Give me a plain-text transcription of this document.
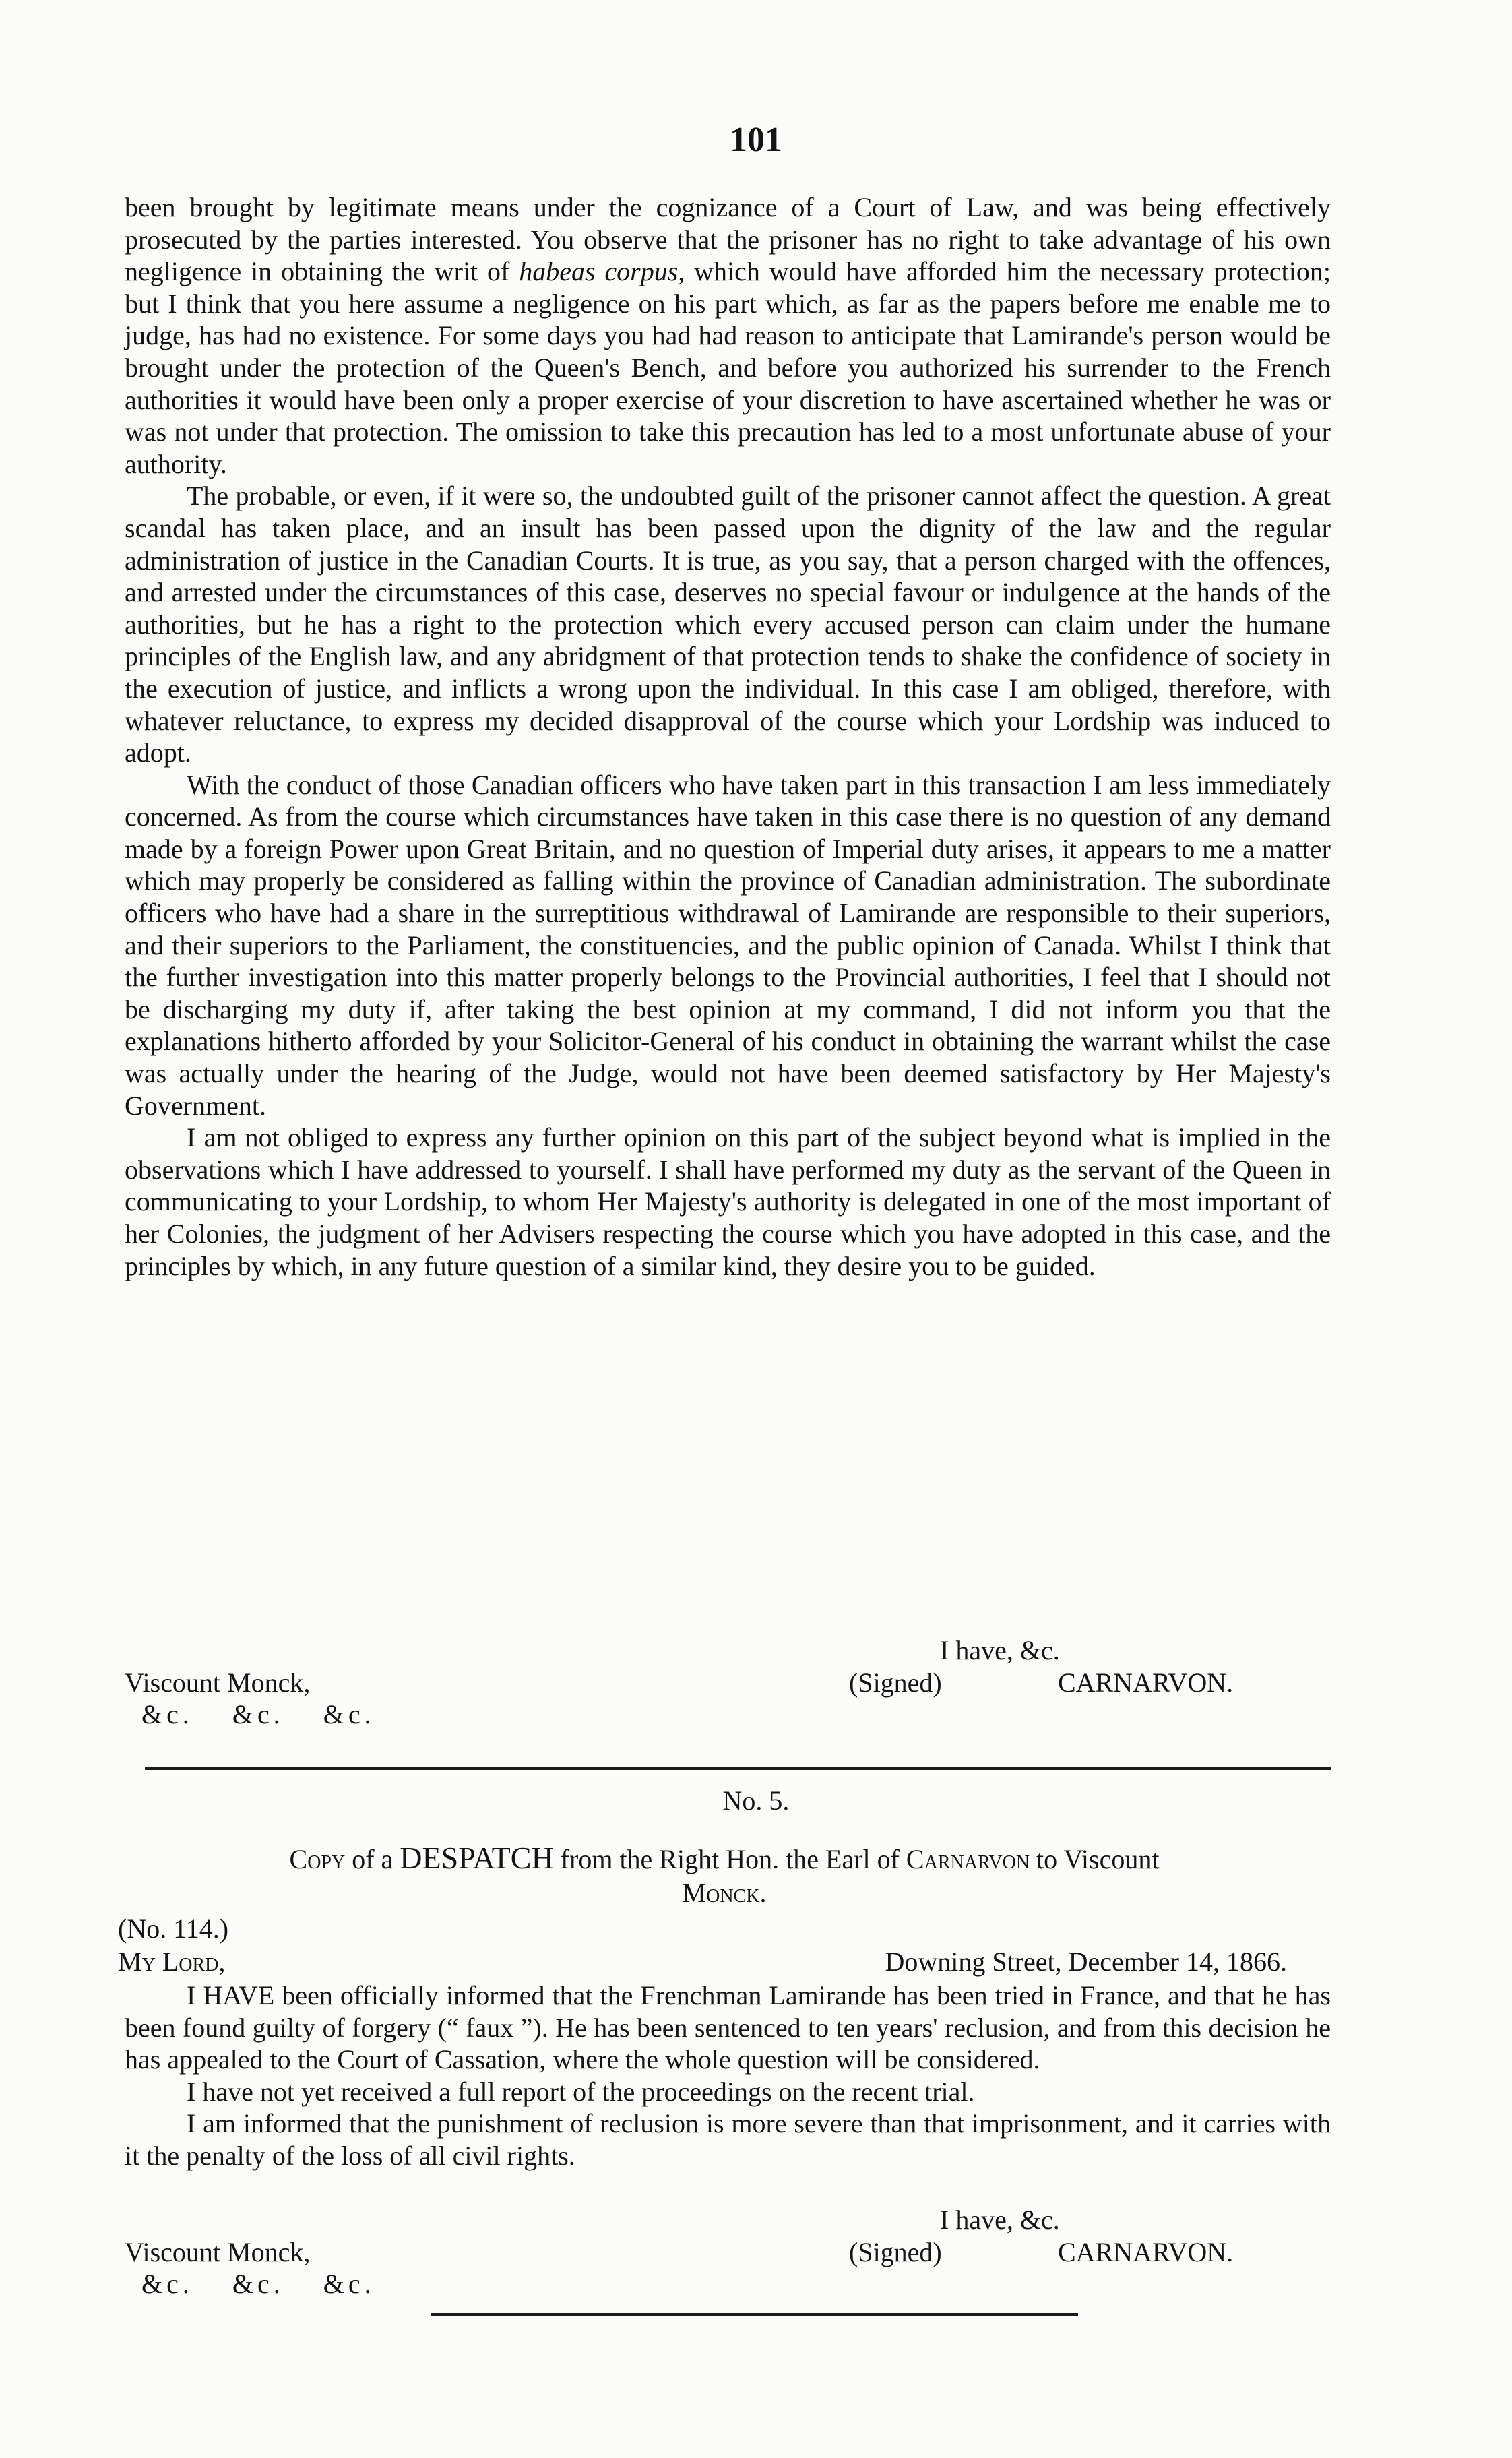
101

been brought by legitimate means under the cognizance of a Court of Law, and was being effectively prosecuted by the parties interested. You observe that the prisoner has no right to take advantage of his own negligence in obtaining the writ of habeas corpus, which would have afforded him the necessary protection; but I think that you here assume a negligence on his part which, as far as the papers before me enable me to judge, has had no existence. For some days you had had reason to anticipate that Lamirande's person would be brought under the protection of the Queen's Bench, and before you authorized his surrender to the French authorities it would have been only a proper exercise of your discretion to have ascertained whether he was or was not under that protection. The omission to take this precaution has led to a most unfortunate abuse of your authority.

The probable, or even, if it were so, the undoubted guilt of the prisoner cannot affect the question. A great scandal has taken place, and an insult has been passed upon the dignity of the law and the regular administration of justice in the Canadian Courts. It is true, as you say, that a person charged with the offences, and arrested under the circumstances of this case, deserves no special favour or indulgence at the hands of the authorities, but he has a right to the protection which every accused person can claim under the humane principles of the English law, and any abridgment of that protection tends to shake the confidence of society in the execution of justice, and inflicts a wrong upon the individual. In this case I am obliged, therefore, with whatever reluctance, to express my decided disapproval of the course which your Lordship was induced to adopt.

With the conduct of those Canadian officers who have taken part in this transaction I am less immediately concerned. As from the course which circumstances have taken in this case there is no question of any demand made by a foreign Power upon Great Britain, and no question of Imperial duty arises, it appears to me a matter which may properly be considered as falling within the province of Canadian administration. The subordinate officers who have had a share in the surreptitious withdrawal of Lamirande are responsible to their superiors, and their superiors to the Parliament, the constituencies, and the public opinion of Canada. Whilst I think that the further investigation into this matter properly belongs to the Provincial authorities, I feel that I should not be discharging my duty if, after taking the best opinion at my command, I did not inform you that the explanations hitherto afforded by your Solicitor-General of his conduct in obtaining the warrant whilst the case was actually under the hearing of the Judge, would not have been deemed satisfactory by Her Majesty's Government.

I am not obliged to express any further opinion on this part of the subject beyond what is implied in the observations which I have addressed to yourself. I shall have performed my duty as the servant of the Queen in communicating to your Lordship, to whom Her Majesty's authority is delegated in one of the most important of her Colonies, the judgment of her Advisers respecting the course which you have adopted in this case, and the principles by which, in any future question of a similar kind, they desire you to be guided.

I have, &c.
Viscount Monck,	(Signed)	CARNARVON.
&c. &c. &c.
No. 5.
Copy of a DESPATCH from the Right Hon. the Earl of Carnarvon to Viscount
Monck.
(No. 114.)
My Lord,	Downing Street, December 14, 1866.

I HAVE been officially informed that the Frenchman Lamirande has been tried in France, and that he has been found guilty of forgery (“ faux ”). He has been sentenced to ten years' reclusion, and from this decision he has appealed to the Court of Cassation, where the whole question will be considered.

I have not yet received a full report of the proceedings on the recent trial.

I am informed that the punishment of reclusion is more severe than that imprisonment, and it carries with it the penalty of the loss of all civil rights.

I have, &c.
Viscount Monck,	(Signed)	CARNARVON.
&c. &c. &c.
